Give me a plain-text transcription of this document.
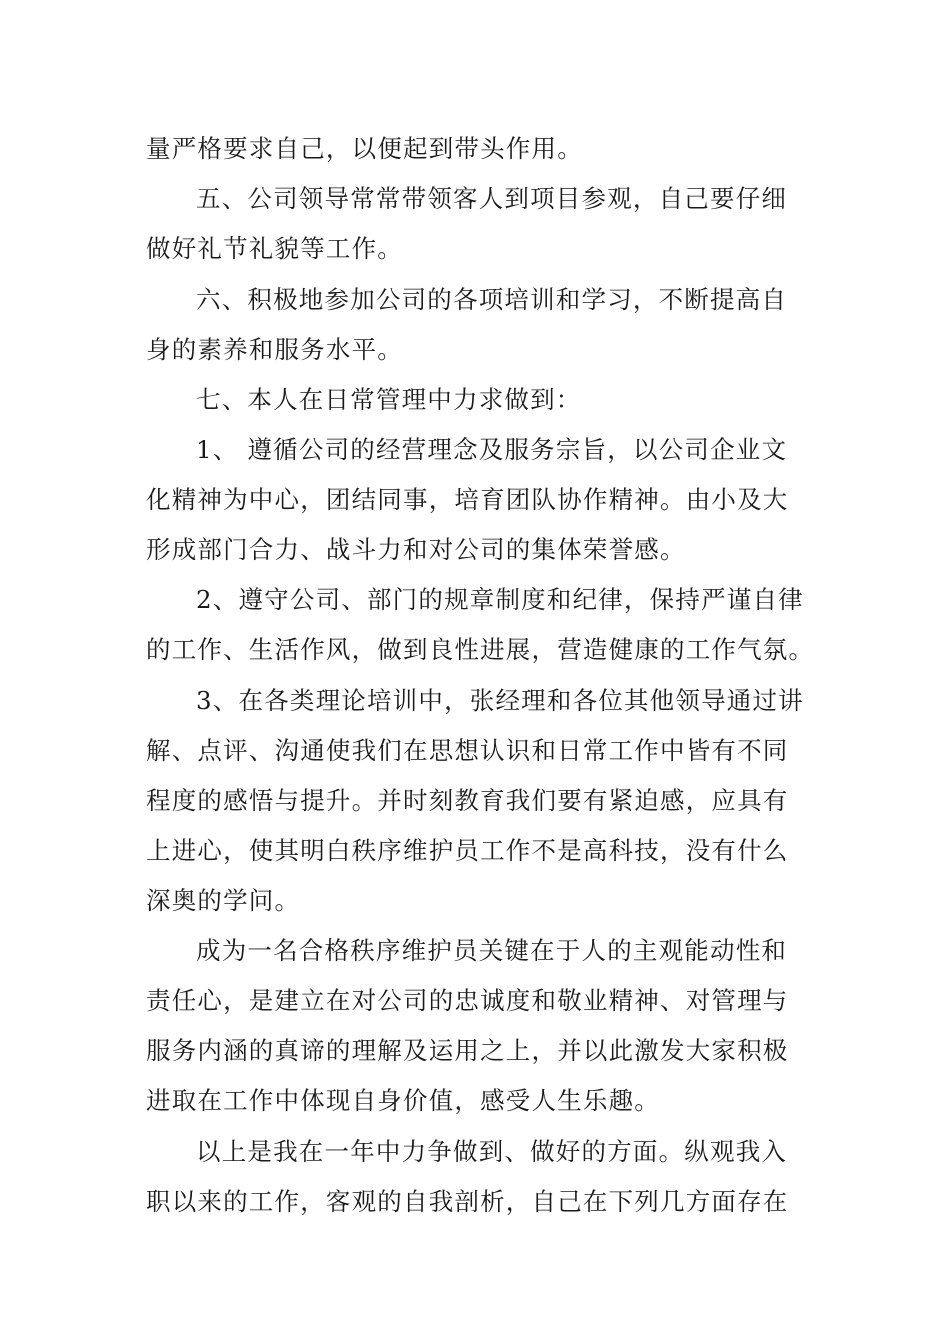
量严格要求自己，以便起到带头作用。
五、公司领导常常带领客人到项目参观，自己要仔细
做好礼节礼貌等工作。
六、积极地参加公司的各项培训和学习，不断提高自
身的素养和服务水平。
七、本人在日常管理中力求做到：
1、 遵循公司的经营理念及服务宗旨，以公司企业文
化精神为中心，团结同事，培育团队协作精神。由小及大
形成部门合力、战斗力和对公司的集体荣誉感。
2、遵守公司、部门的规章制度和纪律，保持严谨自律
的工作、生活作风，做到良性进展，营造健康的工作气氛。
3、在各类理论培训中，张经理和各位其他领导通过讲
解、点评、沟通使我们在思想认识和日常工作中皆有不同
程度的感悟与提升。并时刻教育我们要有紧迫感，应具有
上进心，使其明白秩序维护员工作不是高科技，没有什么
深奥的学问。
成为一名合格秩序维护员关键在于人的主观能动性和
责任心，是建立在对公司的忠诚度和敬业精神、对管理与
服务内涵的真谛的理解及运用之上，并以此激发大家积极
进取在工作中体现自身价值，感受人生乐趣。
以上是我在一年中力争做到、做好的方面。纵观我入
职以来的工作，客观的自我剖析，自己在下列几方面存在
